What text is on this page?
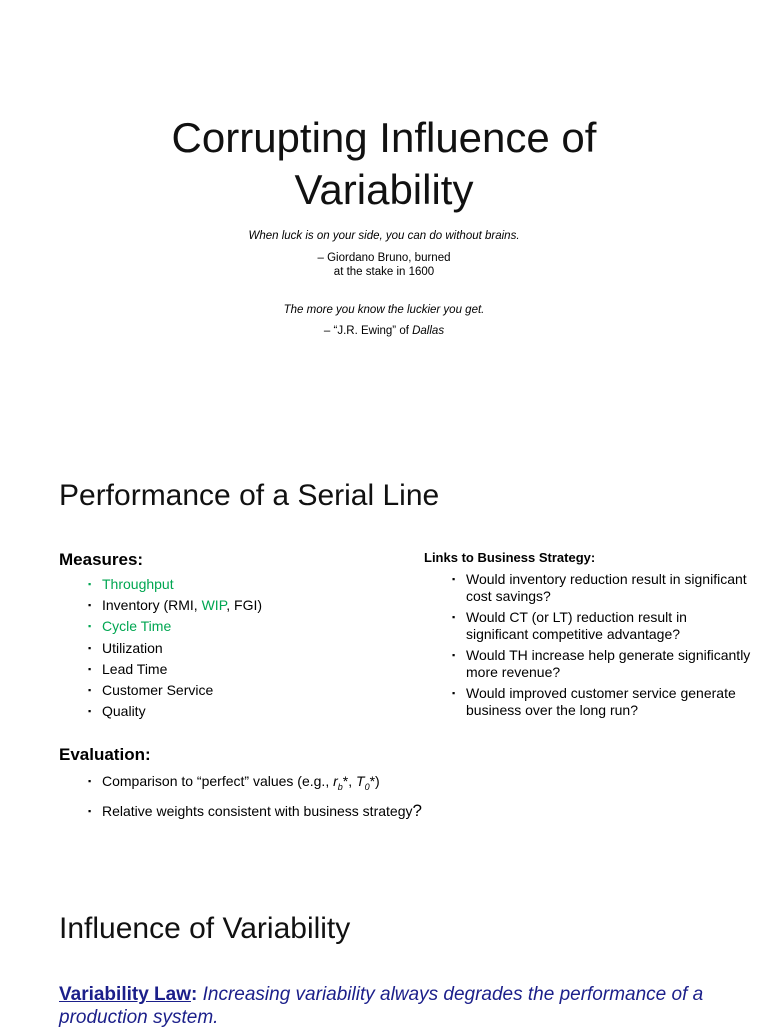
Corrupting Influence of
Variability
When luck is on your side, you can do without brains.
– Giordano Bruno, burned
at the stake in 1600
The more you know the luckier you get.
– “J.R. Ewing” of Dallas
Performance of a Serial Line
Measures:
▪ Throughput
▪ Inventory (RMI, WIP, FGI)
▪ Cycle Time
▪ Utilization
▪ Lead Time
▪ Customer Service
▪ Quality
Evaluation:
▪ Comparison to “perfect” values (e.g., $r_b*$, $T_0*$)
▪ Relative weights consistent with business strategy?
Links to Business Strategy:
▪ Would inventory reduction result in significant cost savings?
▪ Would CT (or LT) reduction result in significant competitive advantage?
▪ Would TH increase help generate significantly more revenue?
▪ Would improved customer service generate business over the long run?
Influence of Variability
Variability Law: Increasing variability always degrades the performance of a production system.
